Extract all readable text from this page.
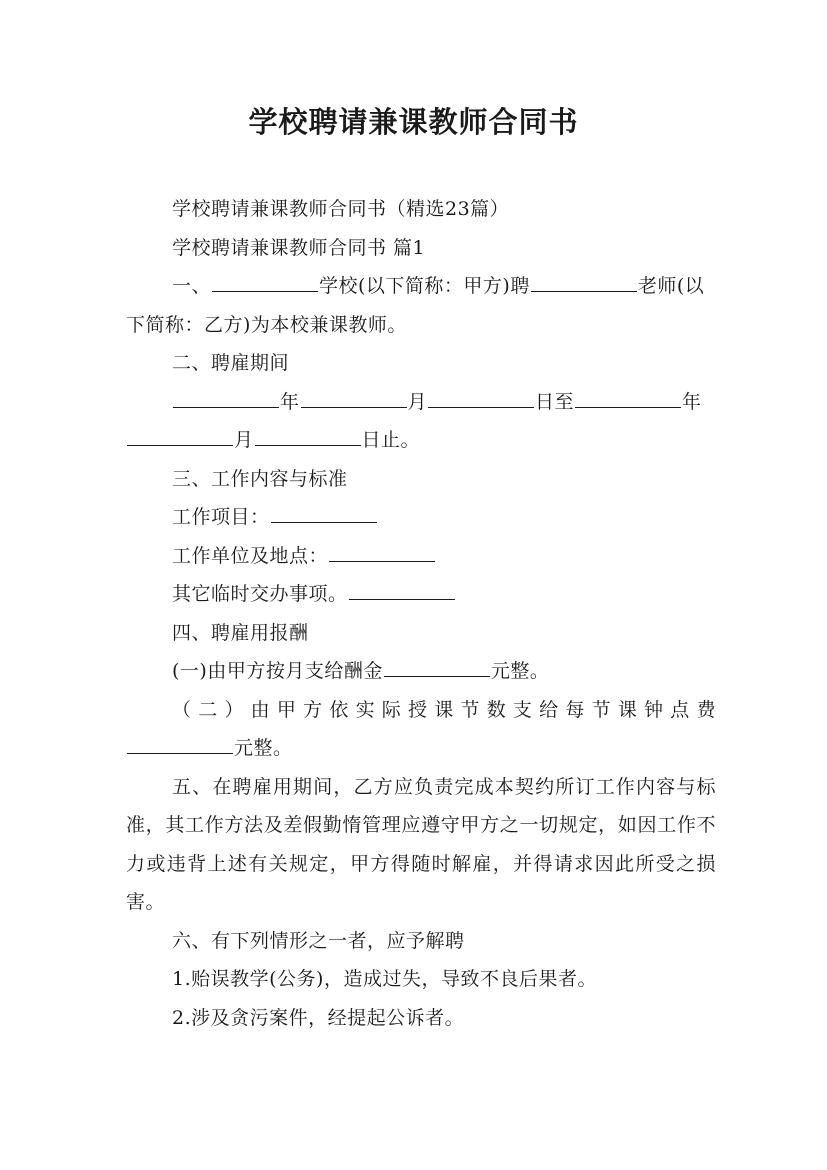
学校聘请兼课教师合同书

学校聘请兼课教师合同书（精选23篇）

学校聘请兼课教师合同书 篇1

一、	学校(以下简称：甲方)聘	老师(以下简称：乙方)为本校兼课教师。

二、聘雇期间

年	月	日至	年月	日止。

三、工作内容与标准

工作项目：

工作单位及地点：

其它临时交办事项。

四、聘雇用报酬

(一)由甲方按月支给酬金	元整。

（二）由甲方依实际授课节数支给每节课钟点费

元整。

五、在聘雇用期间，乙方应负责完成本契约所订工作内容与标准，其工作方法及差假勤惰管理应遵守甲方之一切规定，如因工作不力或违背上述有关规定，甲方得随时解雇，并得请求因此所受之损害。

六、有下列情形之一者，应予解聘

1.贻误教学(公务)，造成过失，导致不良后果者。

2.涉及贪污案件，经提起公诉者。
